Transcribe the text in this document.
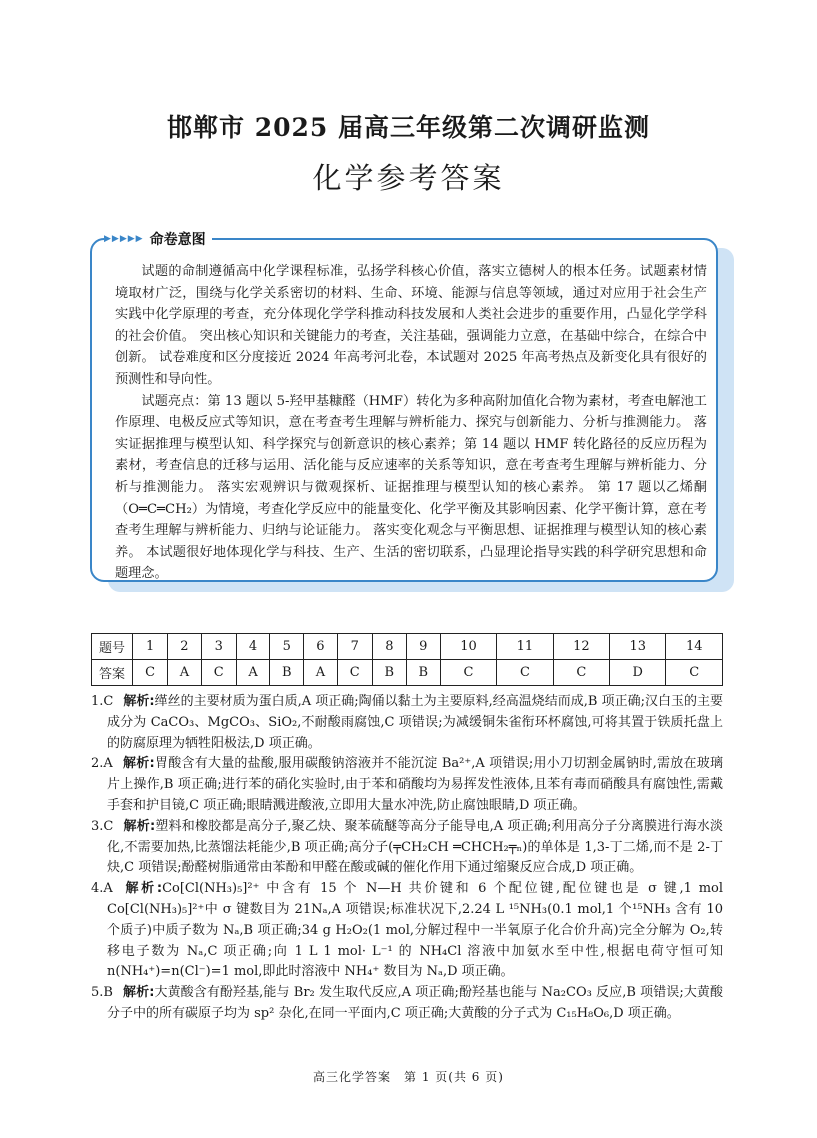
邯郸市 2025 届高三年级第二次调研监测
化学参考答案
▶▶▶▶▶ 命卷意图

试题的命制遵循高中化学课程标准，弘扬学科核心价值，落实立德树人的根本任务。试题素材情境取材广泛，围绕与化学关系密切的材料、生命、环境、能源与信息等领域，通过对应用于社会生产实践中化学原理的考查，充分体现化学学科推动科技发展和人类社会进步的重要作用，凸显化学学科的社会价值。 突出核心知识和关键能力的考查，关注基础，强调能力立意，在基础中综合，在综合中创新。 试卷难度和区分度接近 2024 年高考河北卷，本试题对 2025 年高考热点及新变化具有很好的预测性和导向性。

试题亮点：第 13 题以 5-羟甲基糠醛（HMF）转化为多种高附加值化合物为素材，考查电解池工作原理、电极反应式等知识，意在考查考生理解与辨析能力、探究与创新能力、分析与推测能力。 落实证据推理与模型认知、科学探究与创新意识的核心素养；第 14 题以 HMF 转化路径的反应历程为素材，考查信息的迁移与运用、活化能与反应速率的关系等知识，意在考查考生理解与辨析能力、分析与推测能力。 落实宏观辨识与微观探析、证据推理与模型认知的核心素养。 第 17 题以乙烯酮（O═C═CH₂）为情境，考查化学反应中的能量变化、化学平衡及其影响因素、化学平衡计算，意在考查考生理解与辨析能力、归纳与论证能力。 落实变化观念与平衡思想、证据推理与模型认知的核心素养。 本试题很好地体现化学与科技、生产、生活的密切联系，凸显理论指导实践的科学研究思想和命题理念。

题号	1	2	3	4	5	6	7	8	9	10	11	12	13	14
答案	C	A	C	A	B	A	C	B	B	C	C	C	D	C

1.C 解析:缂丝的主要材质为蛋白质,A 项正确;陶俑以黏土为主要原料,经高温烧结而成,B 项正确;汉白玉的主要成分为 CaCO₃、MgCO₃、SiO₂,不耐酸雨腐蚀,C 项错误;为减缓铜朱雀衔环杯腐蚀,可将其置于铁质托盘上的防腐原理为牺牲阳极法,D 项正确。

2.A 解析:胃酸含有大量的盐酸,服用碳酸钠溶液并不能沉淀 Ba²⁺,A 项错误;用小刀切割金属钠时,需放在玻璃片上操作,B 项正确;进行苯的硝化实验时,由于苯和硝酸均为易挥发性液体,且苯有毒而硝酸具有腐蚀性,需戴手套和护目镜,C 项正确;眼睛溅进酸液,立即用大量水冲洗,防止腐蚀眼睛,D 项正确。

3.C 解析:塑料和橡胶都是高分子,聚乙炔、聚苯硫醚等高分子能导电,A 项正确;利用高分子分离膜进行海水淡化,不需要加热,比蒸馏法耗能少,B 项正确;高分子(╤CH₂CH ═CHCH₂╤ₙ)的单体是 1,3-丁二烯,而不是 2-丁炔,C 项错误;酚醛树脂通常由苯酚和甲醛在酸或碱的催化作用下通过缩聚反应合成,D 项正确。

4.A 解析:Co[Cl(NH₃)₅]²⁺ 中含有 15 个 N—H 共价键和 6 个配位键,配位键也是 σ 键,1 mol Co[Cl(NH₃)₅]²⁺中 σ 键数目为 21Nₐ,A 项错误;标准状况下,2.24 L ¹⁵NH₃(0.1 mol,1 个¹⁵NH₃ 含有 10 个质子)中质子数为 Nₐ,B 项正确;34 g H₂O₂(1 mol,分解过程中一半氧原子化合价升高)完全分解为 O₂,转移电子数为 Nₐ,C 项正确;向 1 L 1 mol· L⁻¹ 的 NH₄Cl 溶液中加氨水至中性,根据电荷守恒可知 n(NH₄⁺)=n(Cl⁻)=1 mol,即此时溶液中 NH₄⁺ 数目为 Nₐ,D 项正确。

5.B 解析:大黄酸含有酚羟基,能与 Br₂ 发生取代反应,A 项正确;酚羟基也能与 Na₂CO₃ 反应,B 项错误;大黄酸分子中的所有碳原子均为 sp² 杂化,在同一平面内,C 项正确;大黄酸的分子式为 C₁₅H₈O₆,D 项正确。

高三化学答案　第 1 页(共 6 页)
